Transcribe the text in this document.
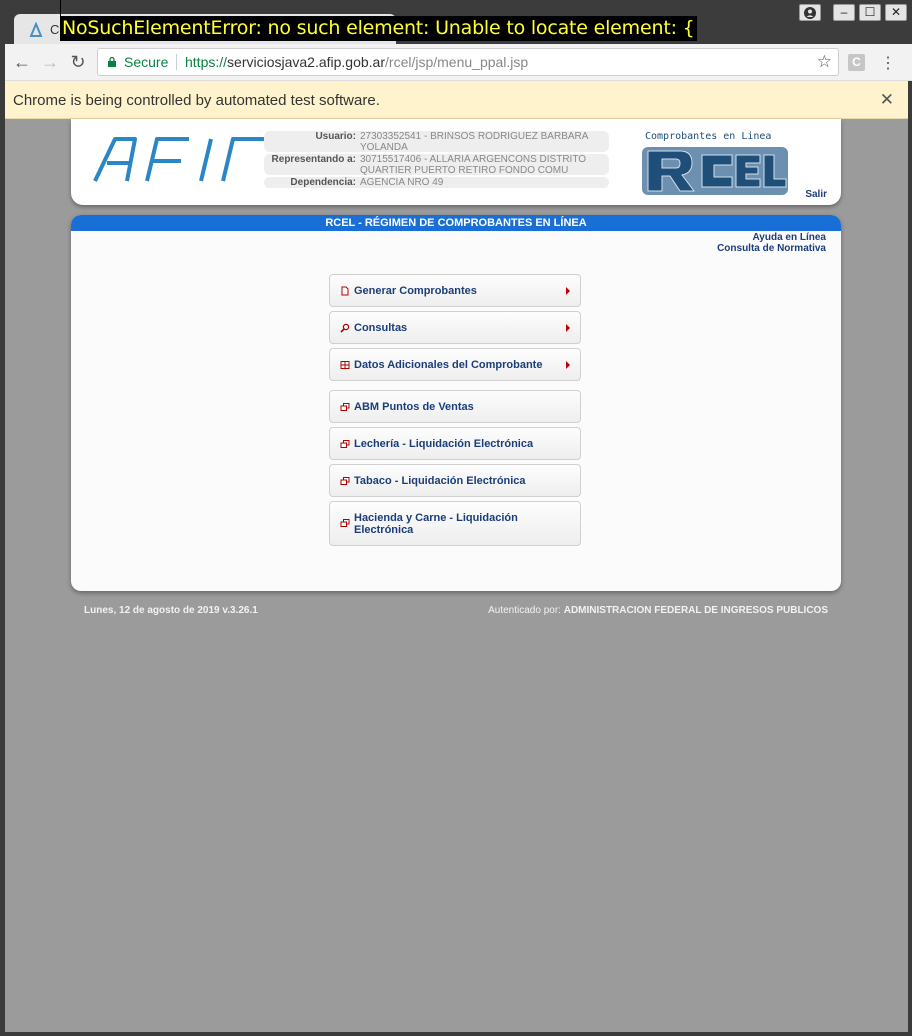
C NoSuchElementError: no such element: Unable to locate element: {
–	☐	✕
← → ↻	Secure https://serviciosjava2.afip.gob.ar/rcel/jsp/menu_ppal.jsp	☆	C ⋮
Chrome is being controlled by automated test software.	✕
Usuario: 27303352541 - BRINSOS RODRIGUEZ BARBARA YOLANDA
Representando a: 30715517406 - ALLARIA ARGENCONS DISTRITO QUARTIER PUERTO RETIRO FONDO COMU
Dependencia: AGENCIA NRO 49
Comprobantes en Linea
Salir
RCEL - RÉGIMEN DE COMPROBANTES EN LÍNEA
Ayuda en Línea
Consulta de Normativa
Generar Comprobantes
Consultas
Datos Adicionales del Comprobante
ABM Puntos de Ventas
Lechería - Liquidación Electrónica
Tabaco - Liquidación Electrónica
Hacienda y Carne - Liquidación Electrónica
Lunes, 12 de agosto de 2019 v.3.26.1	Autenticado por: ADMINISTRACION FEDERAL DE INGRESOS PUBLICOS
